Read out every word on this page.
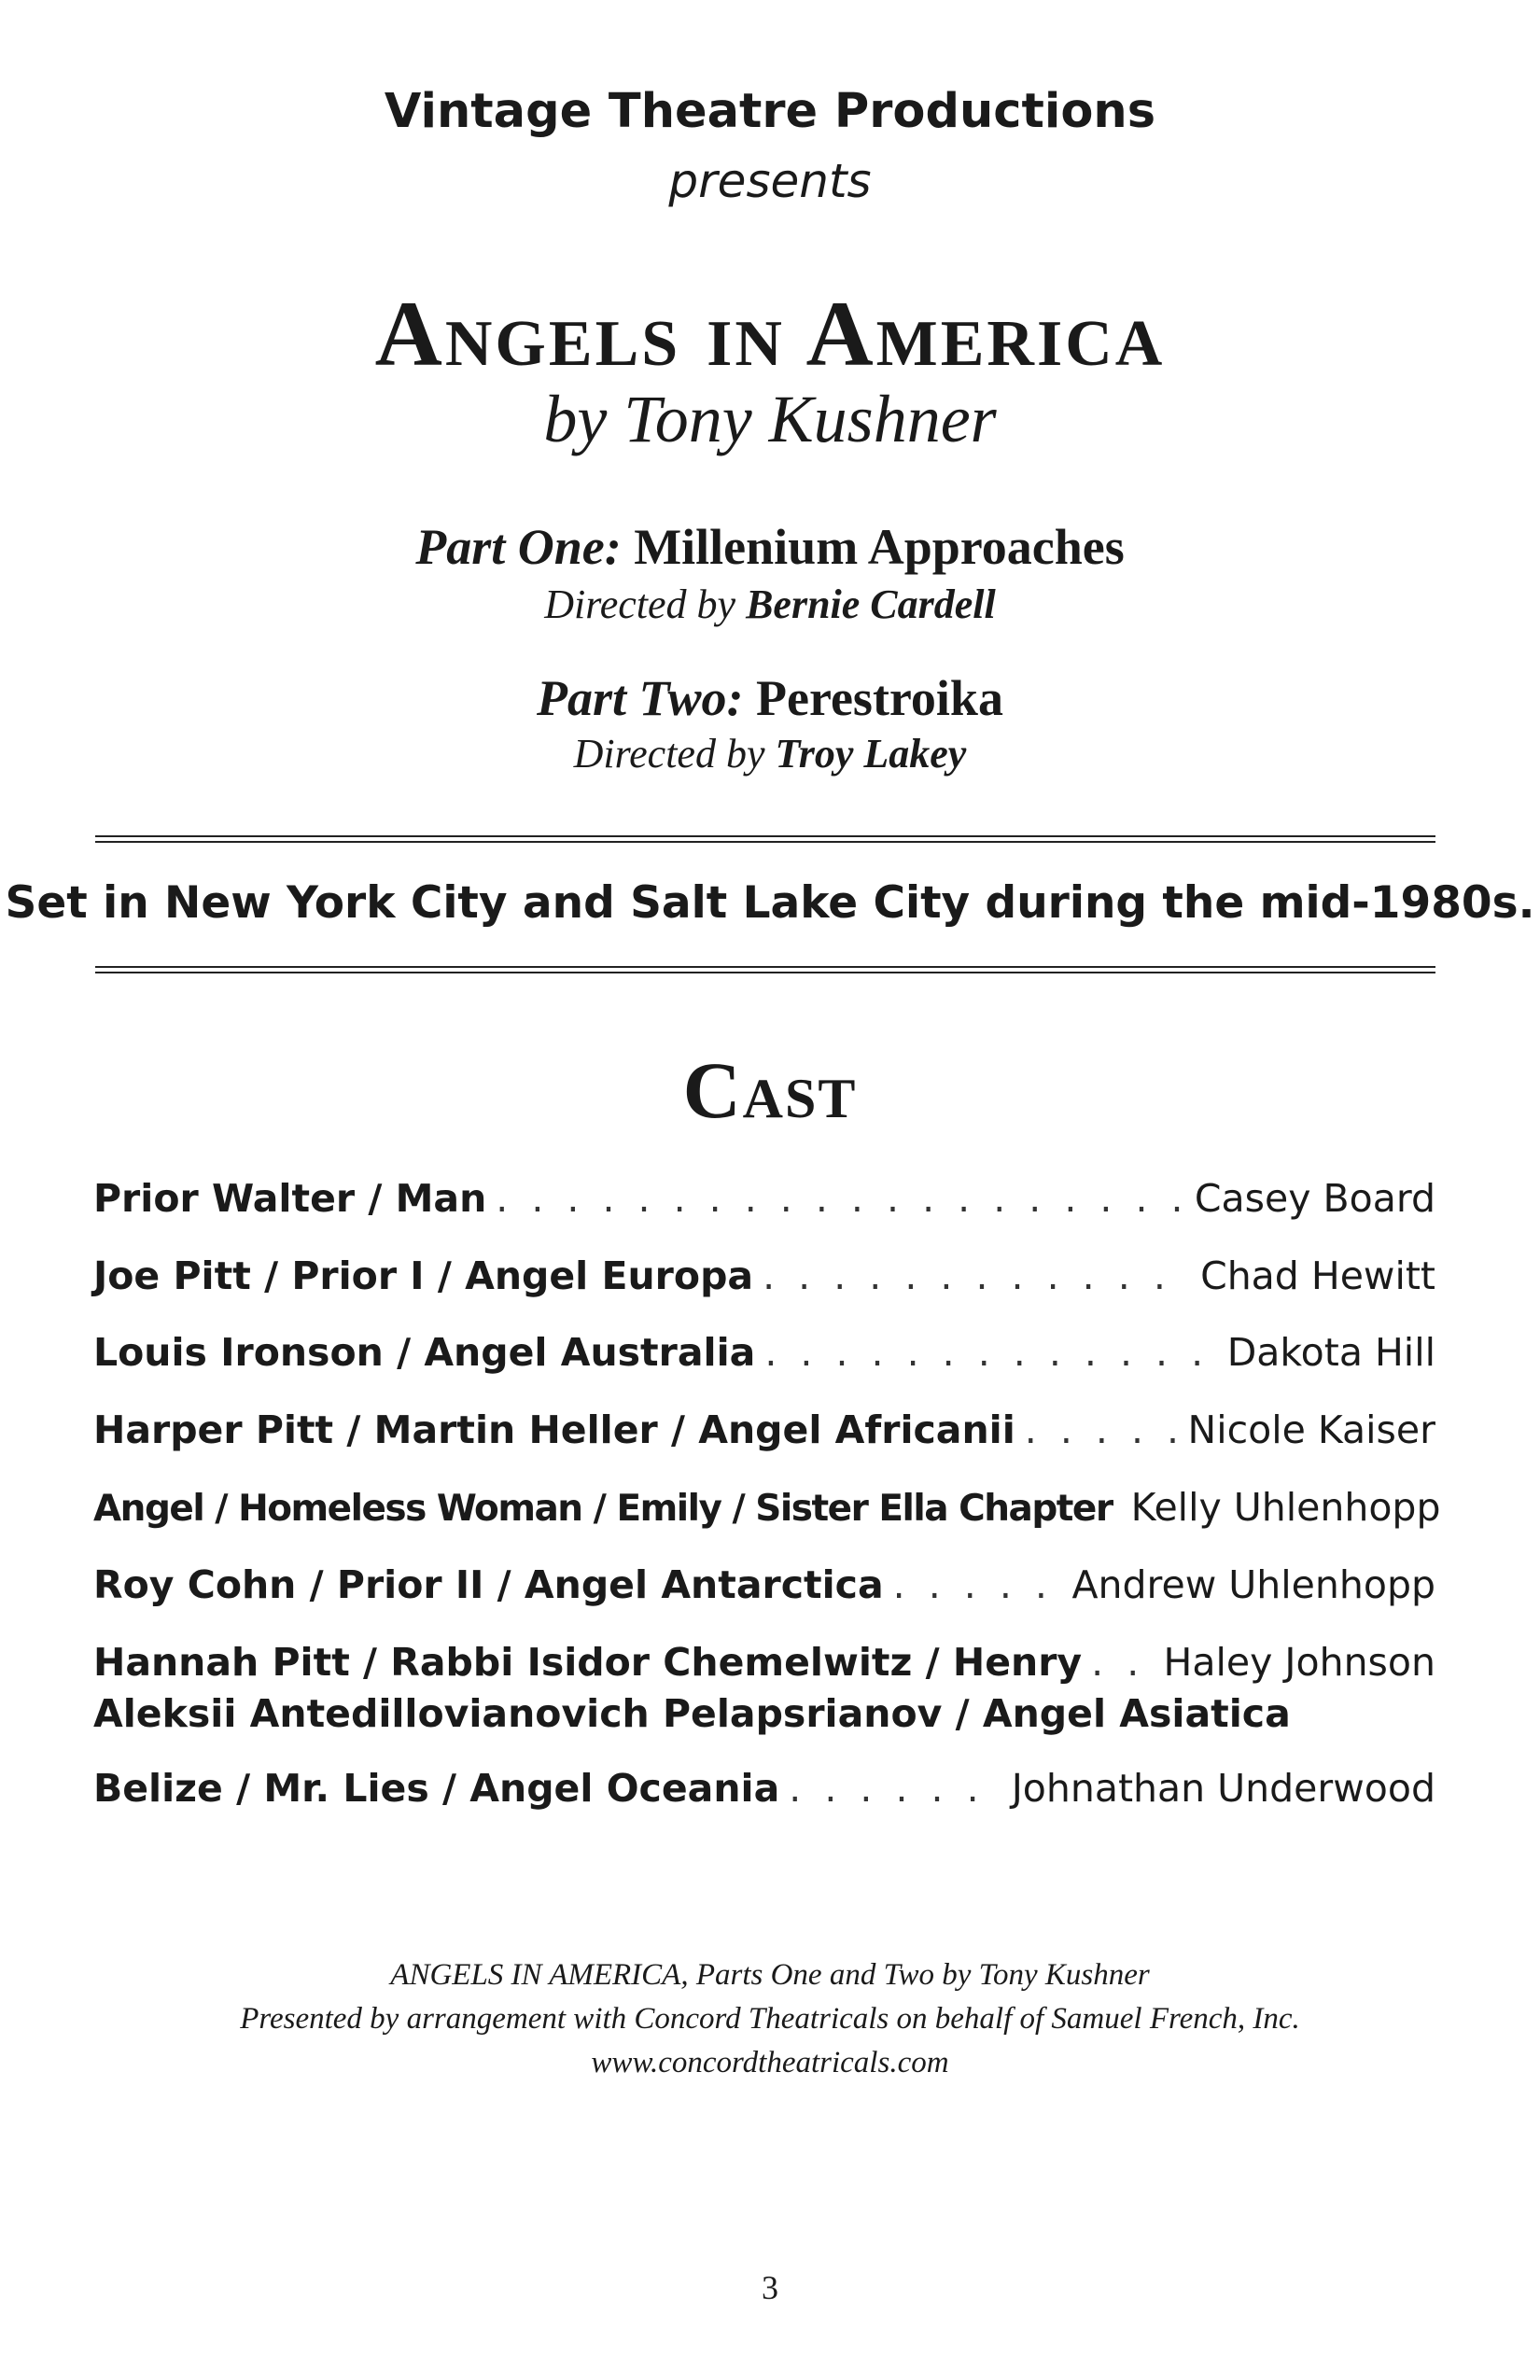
Vintage Theatre Productions
presents
Angels in America
by Tony Kushner
Part One: Millenium Approaches
Directed by Bernie Cardell
Part Two: Perestroika
Directed by Troy Lakey
Set in New York City and Salt Lake City during the mid-1980s.
Cast
Prior Walter / Man . . .	Casey Board
Joe Pitt / Prior I / Angel Europa . . .	Chad Hewitt
Louis Ironson / Angel Australia . . .	Dakota Hill
Harper Pitt / Martin Heller / Angel Africanii . . .	Nicole Kaiser
Angel / Homeless Woman / Emily / Sister Ella Chapter Kelly Uhlenhopp
Roy Cohn / Prior II / Angel Antarctica . . .	Andrew Uhlenhopp
Hannah Pitt / Rabbi Isidor Chemelwitz / Henry . . . Haley Johnson
Aleksii Antedillovianovich Pelapsrianov / Angel Asiatica
Belize / Mr. Lies / Angel Oceania . . .	Johnathan Underwood
ANGELS IN AMERICA, Parts One and Two by Tony Kushner
Presented by arrangement with Concord Theatricals on behalf of Samuel French, Inc.
www.concordtheatricals.com
3
